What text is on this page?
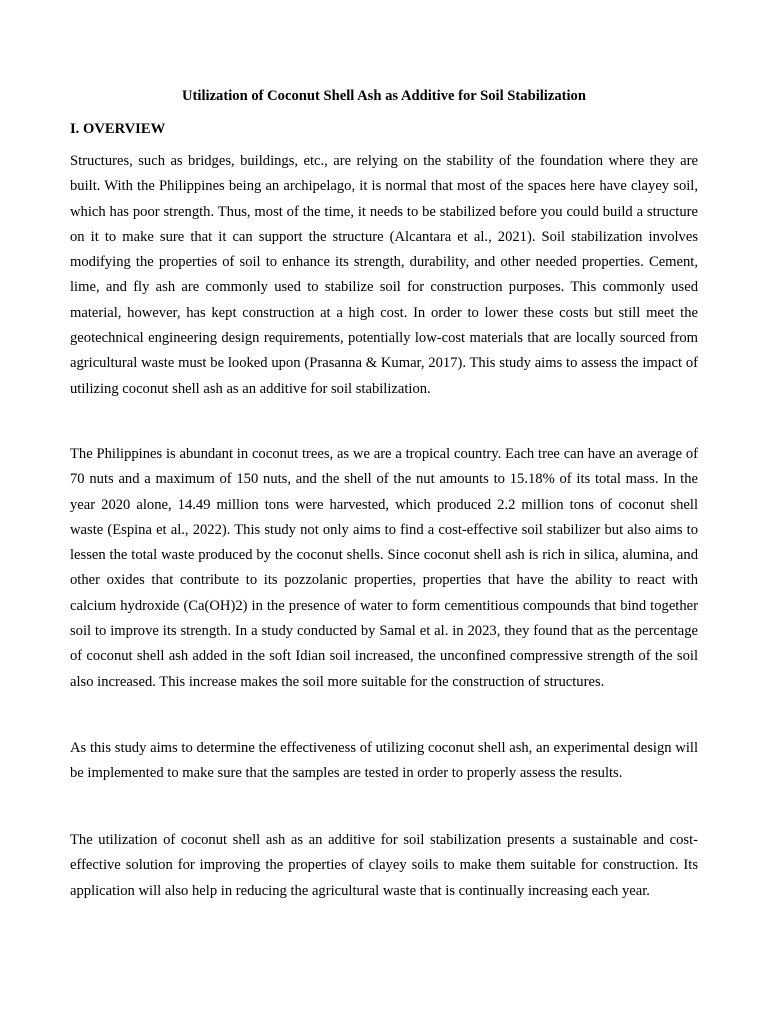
Utilization of Coconut Shell Ash as Additive for Soil Stabilization
I. OVERVIEW

Structures, such as bridges, buildings, etc., are relying on the stability of the foundation where they are built. With the Philippines being an archipelago, it is normal that most of the spaces here have clayey soil, which has poor strength. Thus, most of the time, it needs to be stabilized before you could build a structure on it to make sure that it can support the structure (Alcantara et al., 2021). Soil stabilization involves modifying the properties of soil to enhance its strength, durability, and other needed properties. Cement, lime, and fly ash are commonly used to stabilize soil for construction purposes. This commonly used material, however, has kept construction at a high cost. In order to lower these costs but still meet the geotechnical engineering design requirements, potentially low-cost materials that are locally sourced from agricultural waste must be looked upon (Prasanna & Kumar, 2017). This study aims to assess the impact of utilizing coconut shell ash as an additive for soil stabilization.

The Philippines is abundant in coconut trees, as we are a tropical country. Each tree can have an average of 70 nuts and a maximum of 150 nuts, and the shell of the nut amounts to 15.18% of its total mass. In the year 2020 alone, 14.49 million tons were harvested, which produced 2.2 million tons of coconut shell waste (Espina et al., 2022). This study not only aims to find a cost-effective soil stabilizer but also aims to lessen the total waste produced by the coconut shells. Since coconut shell ash is rich in silica, alumina, and other oxides that contribute to its pozzolanic properties, properties that have the ability to react with calcium hydroxide (Ca(OH)2) in the presence of water to form cementitious compounds that bind together soil to improve its strength. In a study conducted by Samal et al. in 2023, they found that as the percentage of coconut shell ash added in the soft Idian soil increased, the unconfined compressive strength of the soil also increased. This increase makes the soil more suitable for the construction of structures.

As this study aims to determine the effectiveness of utilizing coconut shell ash, an experimental design will be implemented to make sure that the samples are tested in order to properly assess the results.

The utilization of coconut shell ash as an additive for soil stabilization presents a sustainable and cost-effective solution for improving the properties of clayey soils to make them suitable for construction. Its application will also help in reducing the agricultural waste that is continually increasing each year.
